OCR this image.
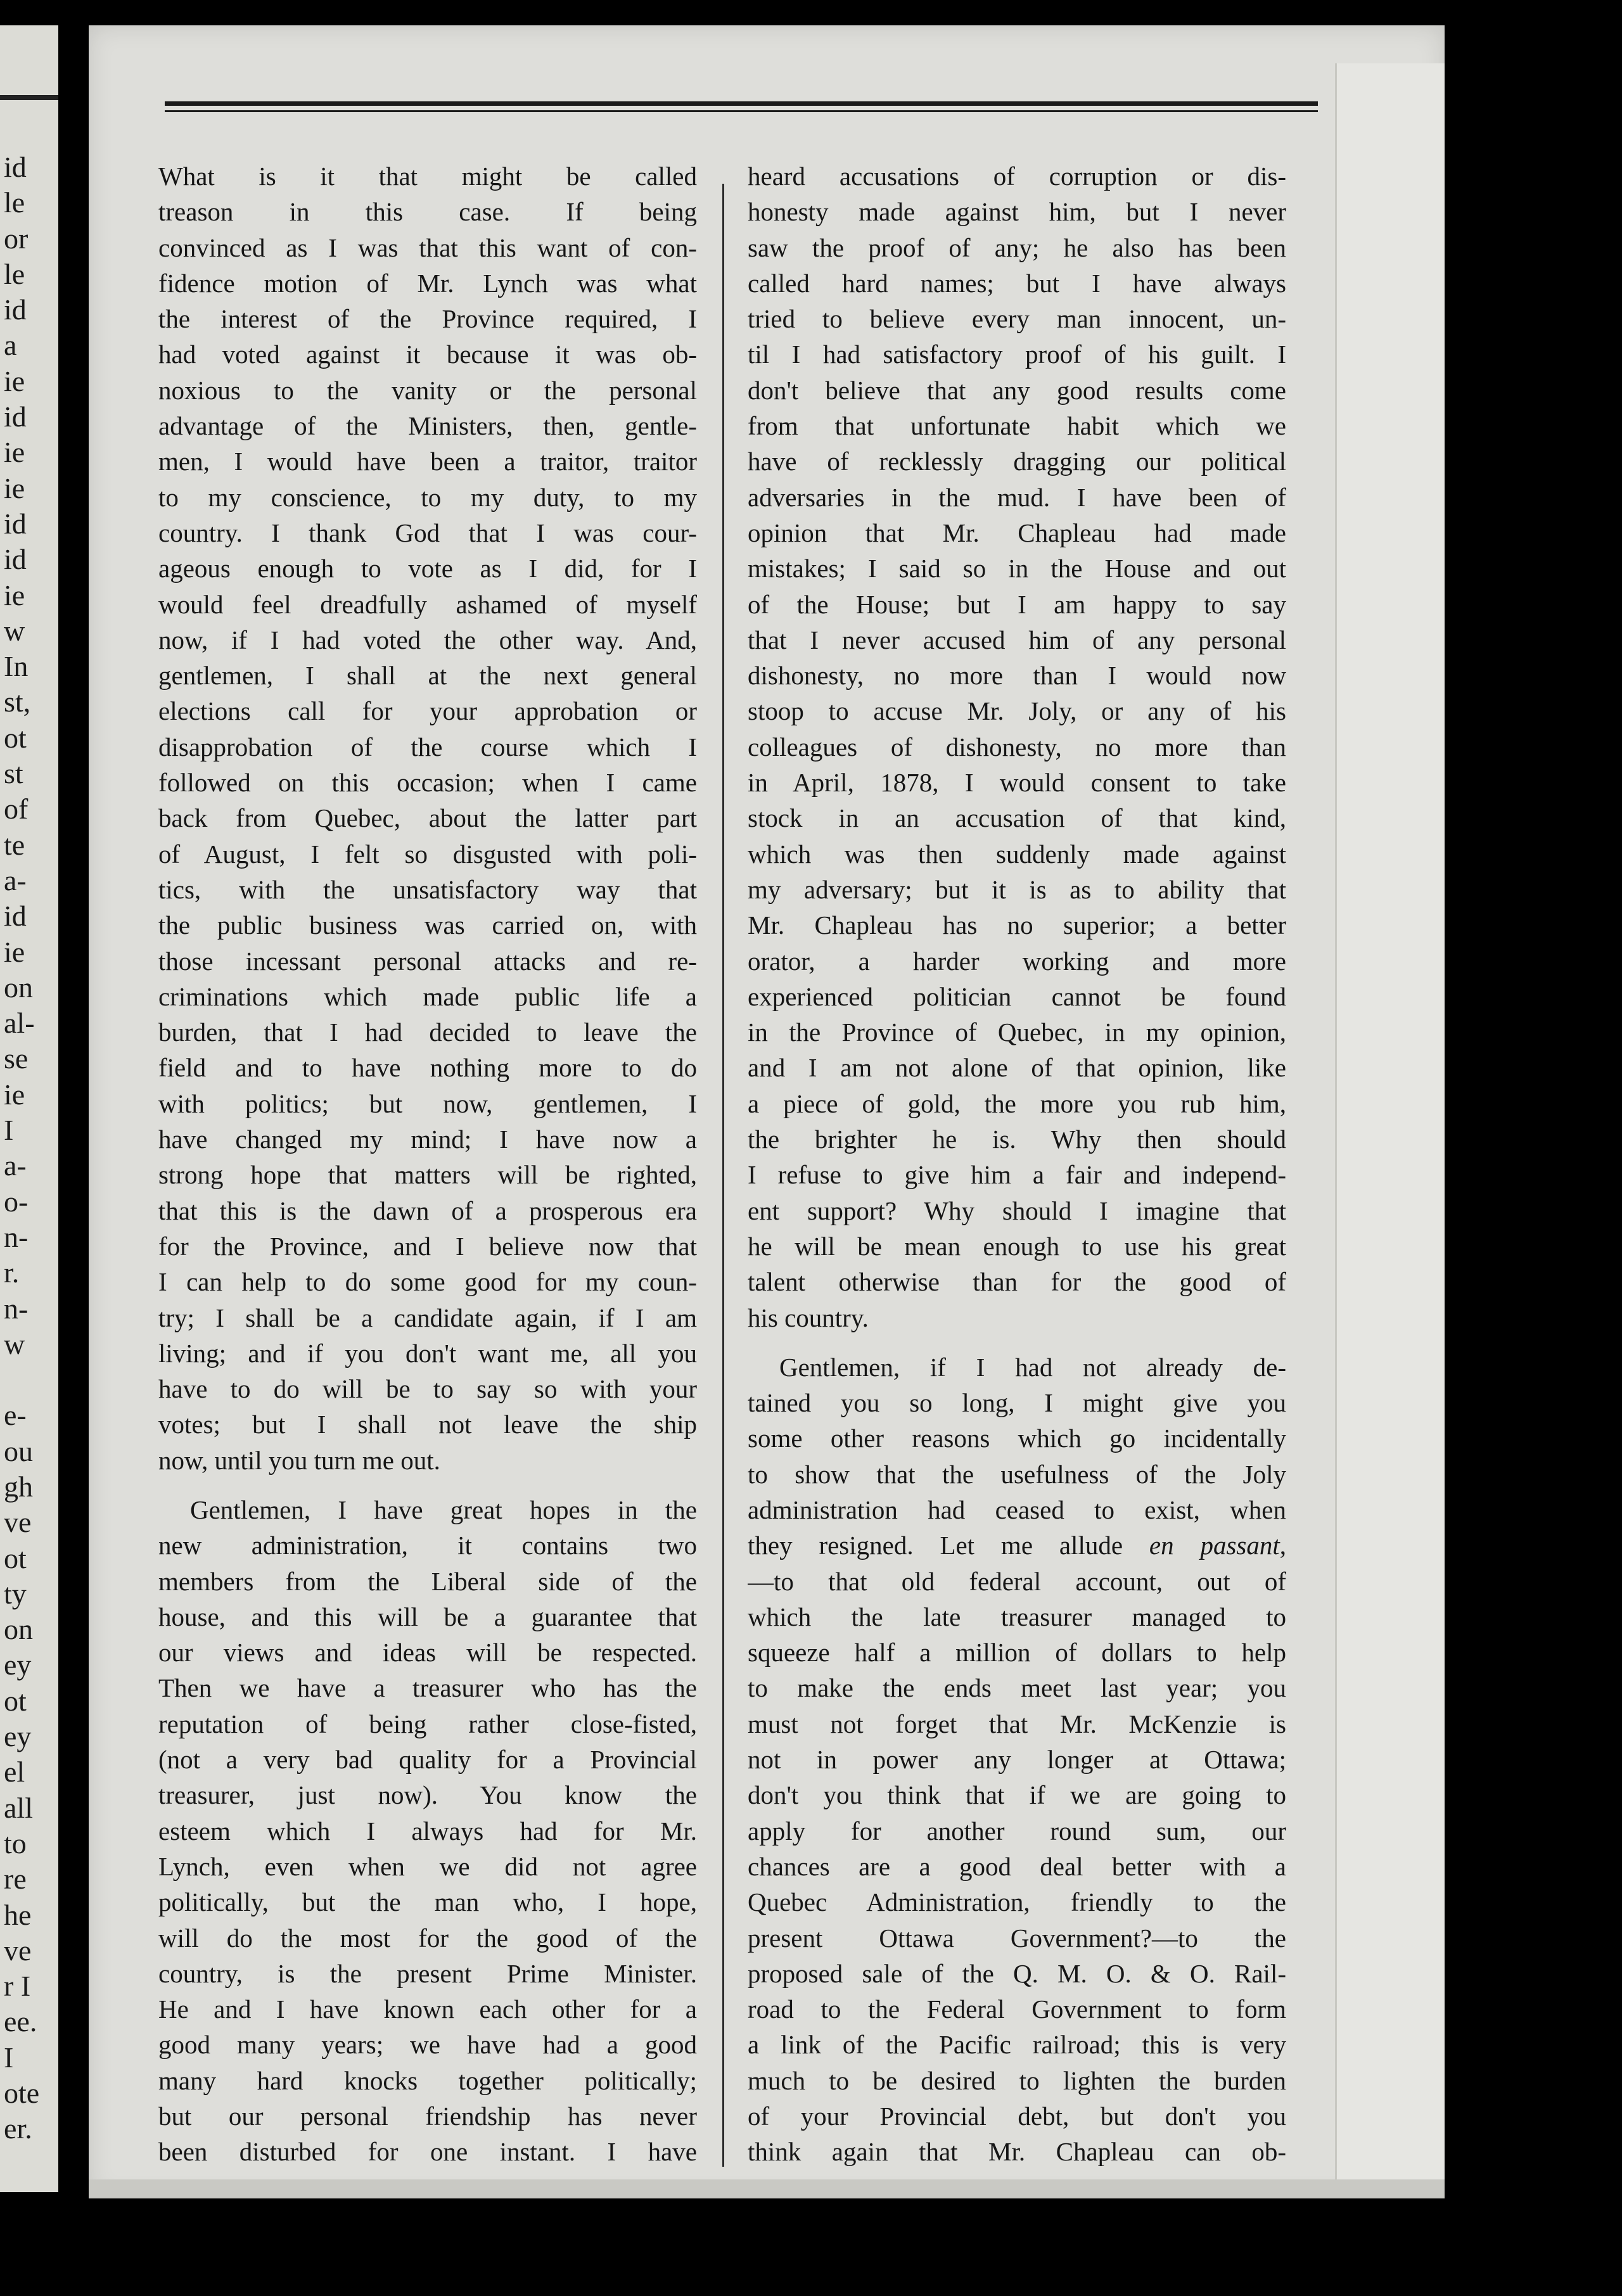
id
le
or
le
id
a
ie
id
ie
ie
id
id
ie
w
In
st,
ot
st
of
te
a-
id
ie
on
al-
se
ie
I
a-
o-
n-
r.
n-
w
e-
ou
gh
ve
ot
ty
on
ey
ot
ey
el
all
to
re
he
ve
r I
ee.
I
ote
er.
What is it that might be called
treason in this case. If being
convinced as I was that this want of con-
fidence motion of Mr. Lynch was what
the interest of the Province required, I
had voted against it because it was ob-
noxious to the vanity or the personal
advantage of the Ministers, then, gentle-
men, I would have been a traitor, traitor
to my conscience, to my duty, to my
country. I thank God that I was cour-
ageous enough to vote as I did, for I
would feel dreadfully ashamed of myself
now, if I had voted the other way. And,
gentlemen, I shall at the next general
elections call for your approbation or
disapprobation of the course which I
followed on this occasion; when I came
back from Quebec, about the latter part
of August, I felt so disgusted with poli-
tics, with the unsatisfactory way that
the public business was carried on, with
those incessant personal attacks and re-
criminations which made public life a
burden, that I had decided to leave the
field and to have nothing more to do
with politics; but now, gentlemen, I
have changed my mind; I have now a
strong hope that matters will be righted,
that this is the dawn of a prosperous era
for the Province, and I believe now that
I can help to do some good for my coun-
try; I shall be a candidate again, if I am
living; and if you don't want me, all you
have to do will be to say so with your
votes; but I shall not leave the ship
now, until you turn me out.
Gentlemen, I have great hopes in the
new administration, it contains two
members from the Liberal side of the
house, and this will be a guarantee that
our views and ideas will be respected.
Then we have a treasurer who has the
reputation of being rather close-fisted,
(not a very bad quality for a Provincial
treasurer, just now). You know the
esteem which I always had for Mr.
Lynch, even when we did not agree
politically, but the man who, I hope,
will do the most for the good of the
country, is the present Prime Minister.
He and I have known each other for a
good many years; we have had a good
many hard knocks together politically;
but our personal friendship has never
been disturbed for one instant. I have
heard accusations of corruption or dis-
honesty made against him, but I never
saw the proof of any; he also has been
called hard names; but I have always
tried to believe every man innocent, un-
til I had satisfactory proof of his guilt. I
don't believe that any good results come
from that unfortunate habit which we
have of recklessly dragging our political
adversaries in the mud. I have been of
opinion that Mr. Chapleau had made
mistakes; I said so in the House and out
of the House; but I am happy to say
that I never accused him of any personal
dishonesty, no more than I would now
stoop to accuse Mr. Joly, or any of his
colleagues of dishonesty, no more than
in April, 1878, I would consent to take
stock in an accusation of that kind,
which was then suddenly made against
my adversary; but it is as to ability that
Mr. Chapleau has no superior; a better
orator, a harder working and more
experienced politician cannot be found
in the Province of Quebec, in my opinion,
and I am not alone of that opinion, like
a piece of gold, the more you rub him,
the brighter he is. Why then should
I refuse to give him a fair and independ-
ent support? Why should I imagine that
he will be mean enough to use his great
talent otherwise than for the good of
his country.
Gentlemen, if I had not already de-
tained you so long, I might give you
some other reasons which go incidentally
to show that the usefulness of the Joly
administration had ceased to exist, when
they resigned. Let me allude en passant,
—to that old federal account, out of
which the late treasurer managed to
squeeze half a million of dollars to help
to make the ends meet last year; you
must not forget that Mr. McKenzie is
not in power any longer at Ottawa;
don't you think that if we are going to
apply for another round sum, our
chances are a good deal better with a
Quebec Administration, friendly to the
present Ottawa Government?—to the
proposed sale of the Q. M. O. & O. Rail-
road to the Federal Government to form
a link of the Pacific railroad; this is very
much to be desired to lighten the burden
of your Provincial debt, but don't you
think again that Mr. Chapleau can ob-
